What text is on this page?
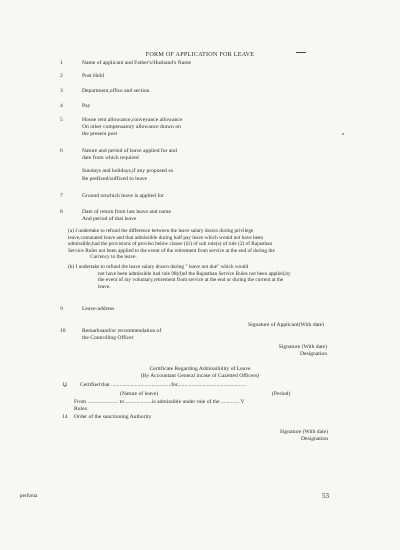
FORM OF APPLICATION FOR LEAVE
1	Name of applicant and Father's/Husband's Name
2	Post Held
3	Department,office and section
4	Pay
5	House rent allowance,conveyance allowance
On other compensatory allowance drawn on
the present post
6	Nature and period of leave applied for and
date from which required
Sundays and holidays,if any proposed so
Be prefixed/suffixed to leave
7	Ground onwhich leave is applied for
8	Date of return from last leave and name
And period of that leave
(a) I undertake to refund the difference between the leave salary drawn during privilege
leave,comutated leave and that admissible during half pay leave which would not have been
admissible,had the provisions of proviso below clause (iii) of sub rule(s) of rule (2) of Rajasthan
Service Rules not been applied to the event of the retirement from service at the end of during the
Currency to the leave.
(b) I undertake to refund the leave salary drawn during " leave not due" which would
not have been admissible had rule 98(d)of the Rajasthan Service Rules not been applied,by
the event of my voluntary,retirement from service at the end or during the current at the
leave.
9	Leave-address
Signature of Applicant(With date)
10	Remarksand/or recommendation of
the Controlling Officer
Signature (With date)
Designation
Certificate Regarding Admissibility of Leave
(By Accountant General incase of Gazetted Officers)
11	Certified that ...........................................for.................................................
(Nature of leave)	(Period)
From ...................... to ...................is admissible under rule of the ............. V
Rules.
14	Order of the sanctioning Authority
Signature (With date)
Designation
perfoma	53
